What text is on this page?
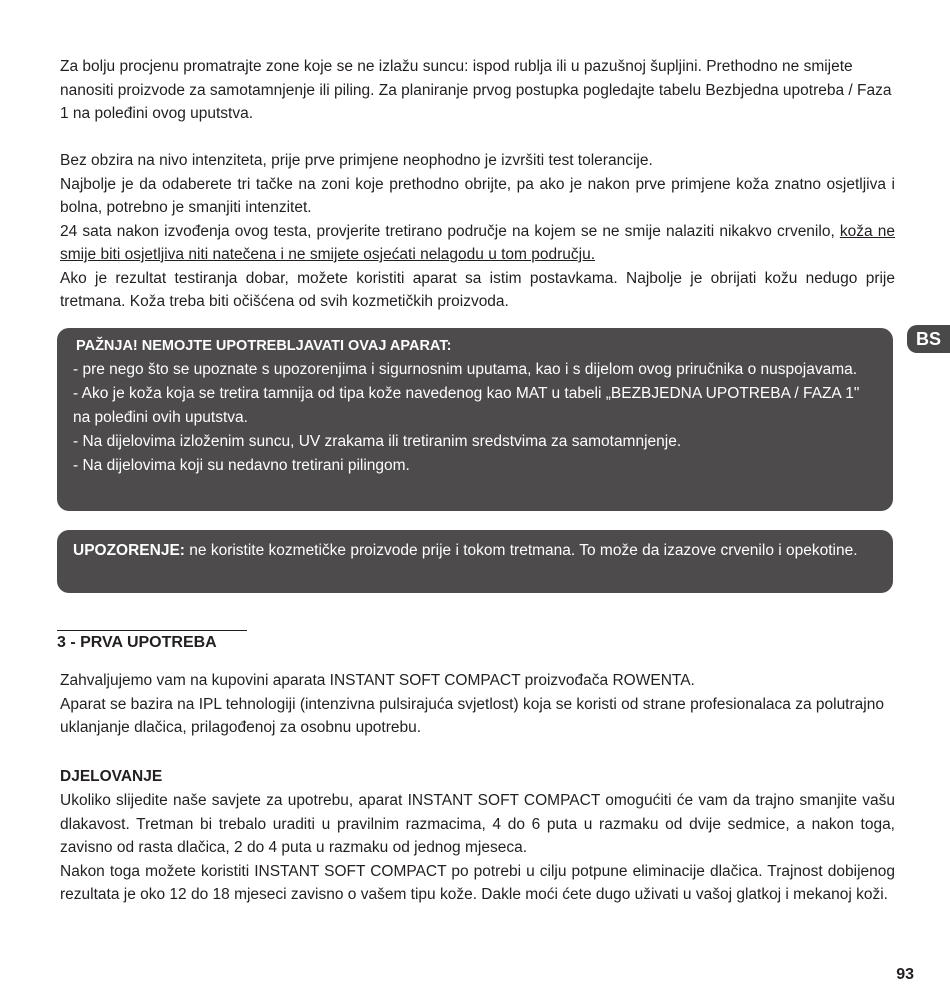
Za bolju procjenu promatrajte zone koje se ne izlažu suncu: ispod rublja ili u pazušnoj šupljini. Prethodno ne smijete nanositi proizvode za samotamnjenje ili piling. Za planiranje prvog postupka pogledajte tabelu Bezbjedna upotreba / Faza 1 na poleđini ovog uputstva.

Bez obzira na nivo intenziteta, prije prve primjene neophodno je izvršiti test tolerancije.
Najbolje je da odaberete tri tačke na zoni koje prethodno obrijte, pa ako je nakon prve primjene koža znatno osjetljiva i bolna, potrebno je smanjiti intenzitet.
24 sata nakon izvođenja ovog testa, provjerite tretirano područje na kojem se ne smije nalaziti nikakvo crvenilo, koža ne smije biti osjetljiva niti natečena i ne smijete osjećati nelagodu u tom području.
Ako je rezultat testiranja dobar, možete koristiti aparat sa istim postavkama. Najbolje je obrijati kožu nedugo prije tretmana. Koža treba biti očišćena od svih kozmetičkih proizvoda.
BS
PAŽNJA! NEMOJTE UPOTREBLJAVATI OVAJ APARAT:
- pre nego što se upoznate s upozorenjima i sigurnosnim uputama, kao i s dijelom ovog priručnika o nuspojavama.
- Ako je koža koja se tretira tamnija od tipa kože navedenog kao MAT u tabeli „BEZBJEDNA UPOTREBA / FAZA 1" na poleđini ovih uputstva.
- Na dijelovima izloženim suncu, UV zrakama ili tretiranim sredstvima za samotamnjenje.
- Na dijelovima koji su nedavno tretirani pilingom.
UPOZORENJE: ne koristite kozmetičke proizvode prije i tokom tretmana. To može da izazove crvenilo i opekotine.
3 - PRVA UPOTREBA
Zahvaljujemo vam na kupovini aparata INSTANT SOFT COMPACT proizvođača ROWENTA.
Aparat se bazira na IPL tehnologiji (intenzivna pulsirajuća svjetlost) koja se koristi od strane profesionalaca za polutrajno uklanjanje dlačica, prilagođenoj za osobnu upotrebu.
DJELOVANJE
Ukoliko slijedite naše savjete za upotrebu, aparat INSTANT SOFT COMPACT omogućiti će vam da trajno smanjite vašu dlakavost. Tretman bi trebalo uraditi u pravilnim razmacima, 4 do 6 puta u razmaku od dvije sedmice, a nakon toga, zavisno od rasta dlačica, 2 do 4 puta u razmaku od jednog mjeseca.
Nakon toga možete koristiti INSTANT SOFT COMPACT po potrebi u cilju potpune eliminacije dlačica. Trajnost dobijenog rezultata je oko 12 do 18 mjeseci zavisno o vašem tipu kože. Dakle moći ćete dugo uživati u vašoj glatkoj i mekanoj koži.
93
